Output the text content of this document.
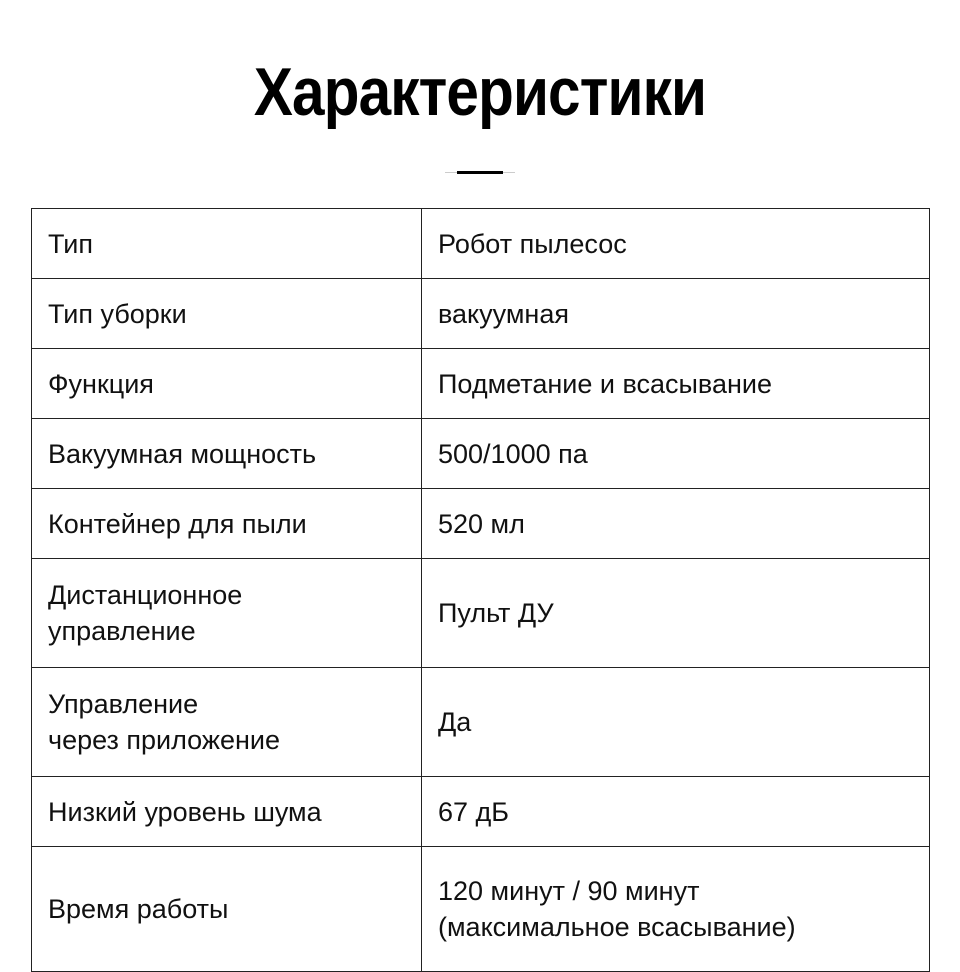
Характеристики
Тип	Робот пылесос

Тип уборки	вакуумная

Функция	Подметание и всасывание

Вакуумная мощность	500/1000 па

Контейнер для пыли	520 мл

Дистанционное
управление	Пульт ДУ

Управление
через приложение	Да

Низкий уровень шума	67 дБ

Время работы	120 минут / 90 минут
(максимальное всасывание)
